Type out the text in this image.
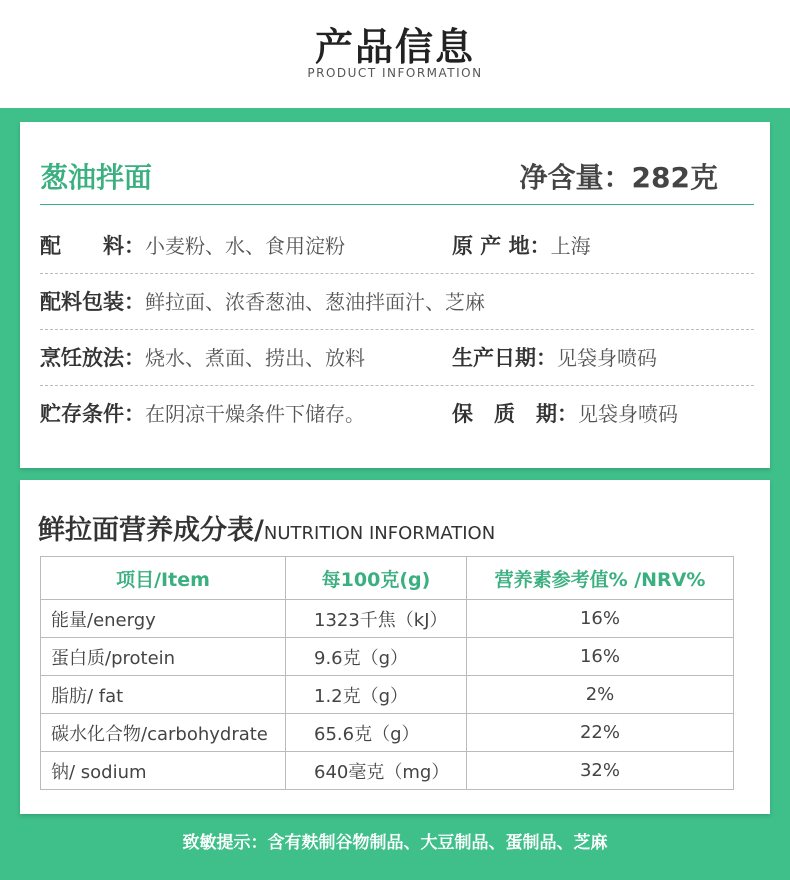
产品信息
PRODUCT INFORMATION
葱油拌面	净含量：282克
配　　料：小麦粉、水、食用淀粉	原 产 地：上海
配料包装：鲜拉面、浓香葱油、葱油拌面汁、芝麻
烹饪放法：烧水、煮面、捞出、放料	生产日期：见袋身喷码
贮存条件：在阴凉干燥条件下储存。	保　质　期：见袋身喷码
鲜拉面营养成分表/NUTRITION INFORMATION
项目/Item	每100克(g)	营养素参考值% /NRV%
能量/energy	1323千焦（kJ）	16%
蛋白质/protein	9.6克（g）	16%
脂肪/ fat	1.2克（g）	2%
碳水化合物/carbohydrate	65.6克（g）	22%
钠/ sodium	640毫克（mg）	32%
致敏提示：含有麸制谷物制品、大豆制品、蛋制品、芝麻
